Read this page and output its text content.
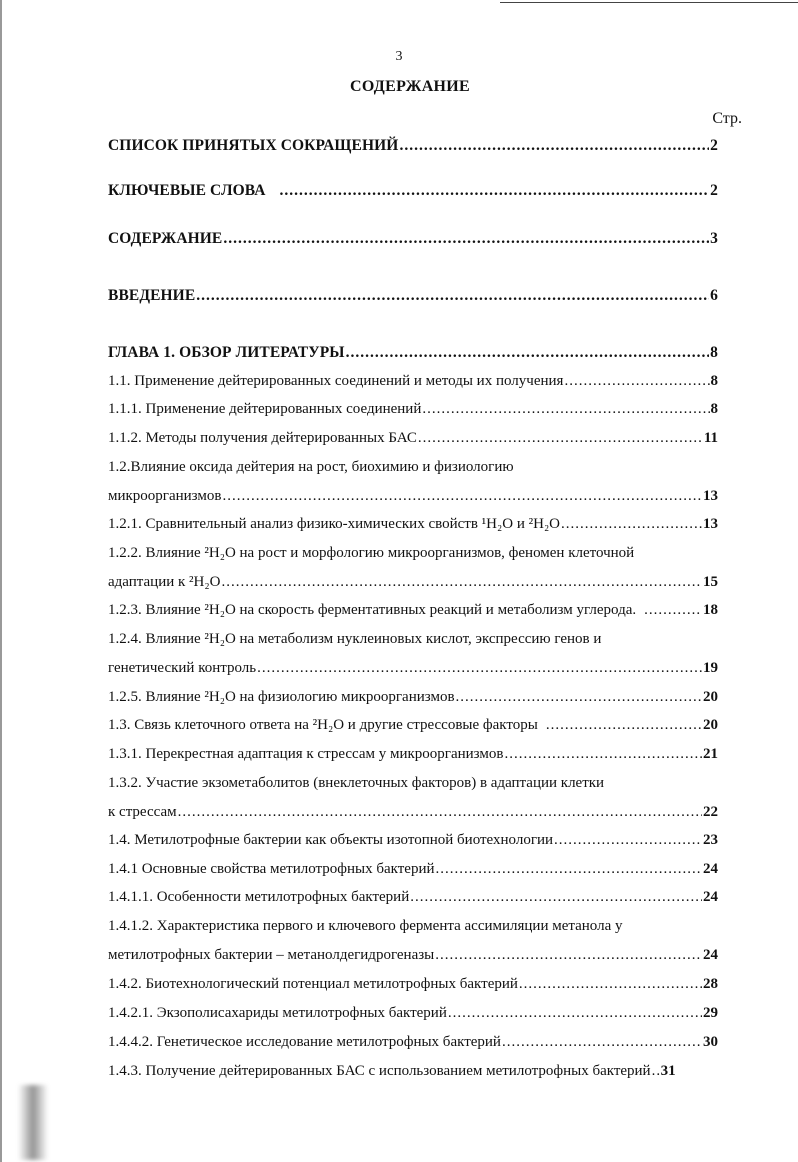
3
СОДЕРЖАНИЕ
Стр.
СПИСОК ПРИНЯТЫХ СОКРАЩЕНИЙ .....	2
КЛЮЧЕВЫЕ СЛОВА .....	2
СОДЕРЖАНИЕ .....	3
ВВЕДЕНИЕ .....	6
ГЛАВА 1. ОБЗОР ЛИТЕРАТУРЫ .....	8
1.1. Применение дейтерированных соединений и методы их получения .....	8
1.1.1. Применение дейтерированных соединений .....	8
1.1.2. Методы получения дейтерированных БАС .....	11
1.2.Влияние оксида дейтерия на рост, биохимию и физиологию
микроорганизмов .....	13
1.2.1. Сравнительный анализ физико-химических свойств ¹H₂O и ²H₂O .....	13
1.2.2. Влияние ²H₂O на рост и морфологию микроорганизмов, феномен клеточной
адаптации к ²H₂O .....	15
1.2.3. Влияние ²H₂O на скорость ферментативных реакций и метаболизм углерода. .....	18
1.2.4. Влияние ²H₂O на метаболизм нуклеиновых кислот, экспрессию генов и
генетический контроль .....	19
1.2.5. Влияние ²H₂O на физиологию микроорганизмов .....	20
1.3. Связь клеточного ответа на ²H₂O и другие стрессовые факторы .....	20
1.3.1. Перекрестная адаптация к стрессам у микроорганизмов .....	21
1.3.2. Участие экзометаболитов (внеклеточных факторов) в адаптации клетки
к стрессам .....	22
1.4. Метилотрофные бактерии как объекты изотопной биотехнологии .....	23
1.4.1 Основные свойства метилотрофных бактерий .....	24
1.4.1.1. Особенности метилотрофных бактерий .....	24
1.4.1.2. Характеристика первого и ключевого фермента ассимиляции метанола у
метилотрофных бактерии – метанолдегидрогеназы .....	24
1.4.2. Биотехнологический потенциал метилотрофных бактерий .....	28
1.4.2.1. Экзополисахариды метилотрофных бактерий .....	29
1.4.4.2. Генетическое исследование метилотрофных бактерий .....	30
1.4.3. Получение дейтерированных БАС с использованием метилотрофных бактерий ..... 31
